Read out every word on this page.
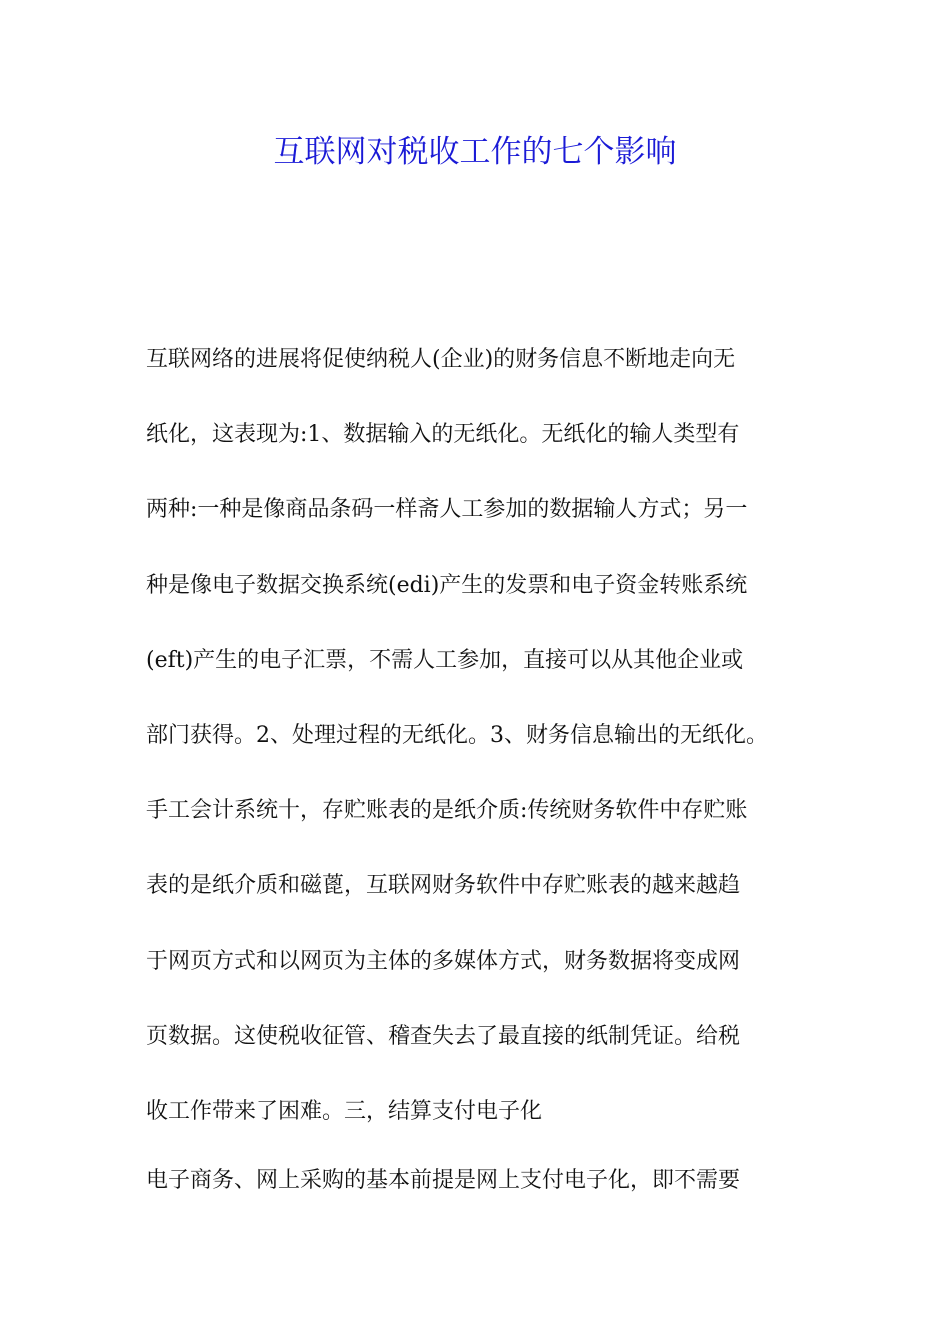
互联网对税收工作的七个影响
互联网络的进展将促使纳税人(企业)的财务信息不断地走向无
纸化，这表现为:1、数据输入的无纸化。无纸化的输人类型有
两种:一种是像商品条码一样斋人工参加的数据输人方式；另一
种是像电子数据交换系统(edi)产生的发票和电子资金转账系统
(eft)产生的电子汇票，不需人工参加，直接可以从其他企业或
部门获得。2、处理过程的无纸化。3、财务信息输出的无纸化。
手工会计系统十，存贮账表的是纸介质:传统财务软件中存贮账
表的是纸介质和磁蓖，互联网财务软件中存贮账表的越来越趋
于网页方式和以网页为主体的多媒体方式，财务数据将变成网
页数据。这使税收征管、稽查失去了最直接的纸制凭证。给税
收工作带来了困难。三，结算支付电子化
电子商务、网上采购的基本前提是网上支付电子化，即不需要
